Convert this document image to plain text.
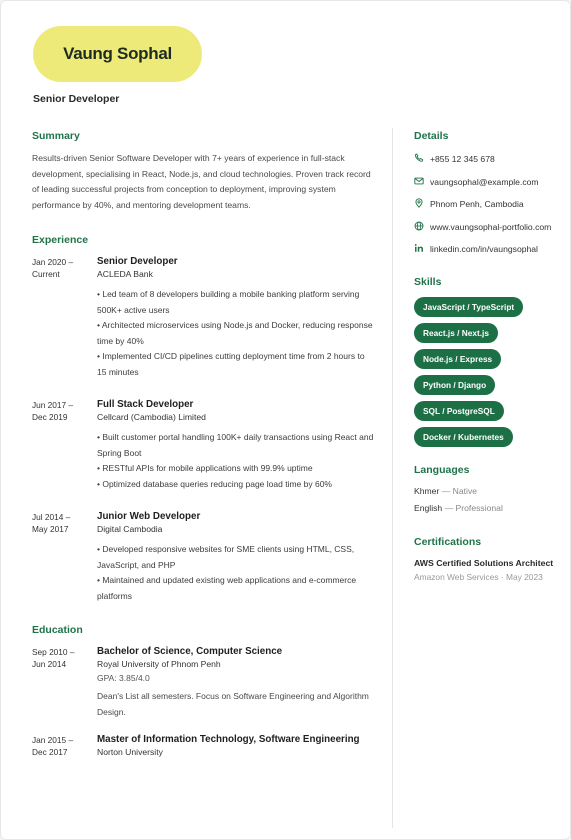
Vaung Sophal
Senior Developer
Summary

Results-driven Senior Software Developer with 7+ years of experience in full-stack development, specialising in React, Node.js, and cloud technologies. Proven track record of leading successful projects from conception to deployment, improving system performance by 40%, and mentoring development teams.

Experience
Jan 2020 –
Current
Senior Developer
ACLEDA Bank
• Led team of 8 developers building a mobile banking platform serving 500K+ active users
• Architected microservices using Node.js and Docker, reducing response time by 40%
• Implemented CI/CD pipelines cutting deployment time from 2 hours to 15 minutes
Jun 2017 –
Dec 2019
Full Stack Developer
Cellcard (Cambodia) Limited
• Built customer portal handling 100K+ daily transactions using React and Spring Boot
• RESTful APIs for mobile applications with 99.9% uptime
• Optimized database queries reducing page load time by 60%
Jul 2014 –
May 2017
Junior Web Developer
Digital Cambodia
• Developed responsive websites for SME clients using HTML, CSS, JavaScript, and PHP
• Maintained and updated existing web applications and e-commerce platforms
Education
Sep 2010 –
Jun 2014
Bachelor of Science, Computer Science
Royal University of Phnom Penh
GPA: 3.85/4.0
Dean's List all semesters. Focus on Software Engineering and Algorithm Design.
Jan 2015 –
Dec 2017
Master of Information Technology, Software Engineering
Norton University
Details
+855 12 345 678
vaungsophal@example.com
Phnom Penh, Cambodia
www.vaungsophal-portfolio.com
linkedin.com/in/vaungsophal
Skills
JavaScript / TypeScript
React.js / Next.js
Node.js / Express
Python / Django
SQL / PostgreSQL
Docker / Kubernetes
Languages
Khmer — Native
English — Professional
Certifications
AWS Certified Solutions Architect
Amazon Web Services · May 2023
